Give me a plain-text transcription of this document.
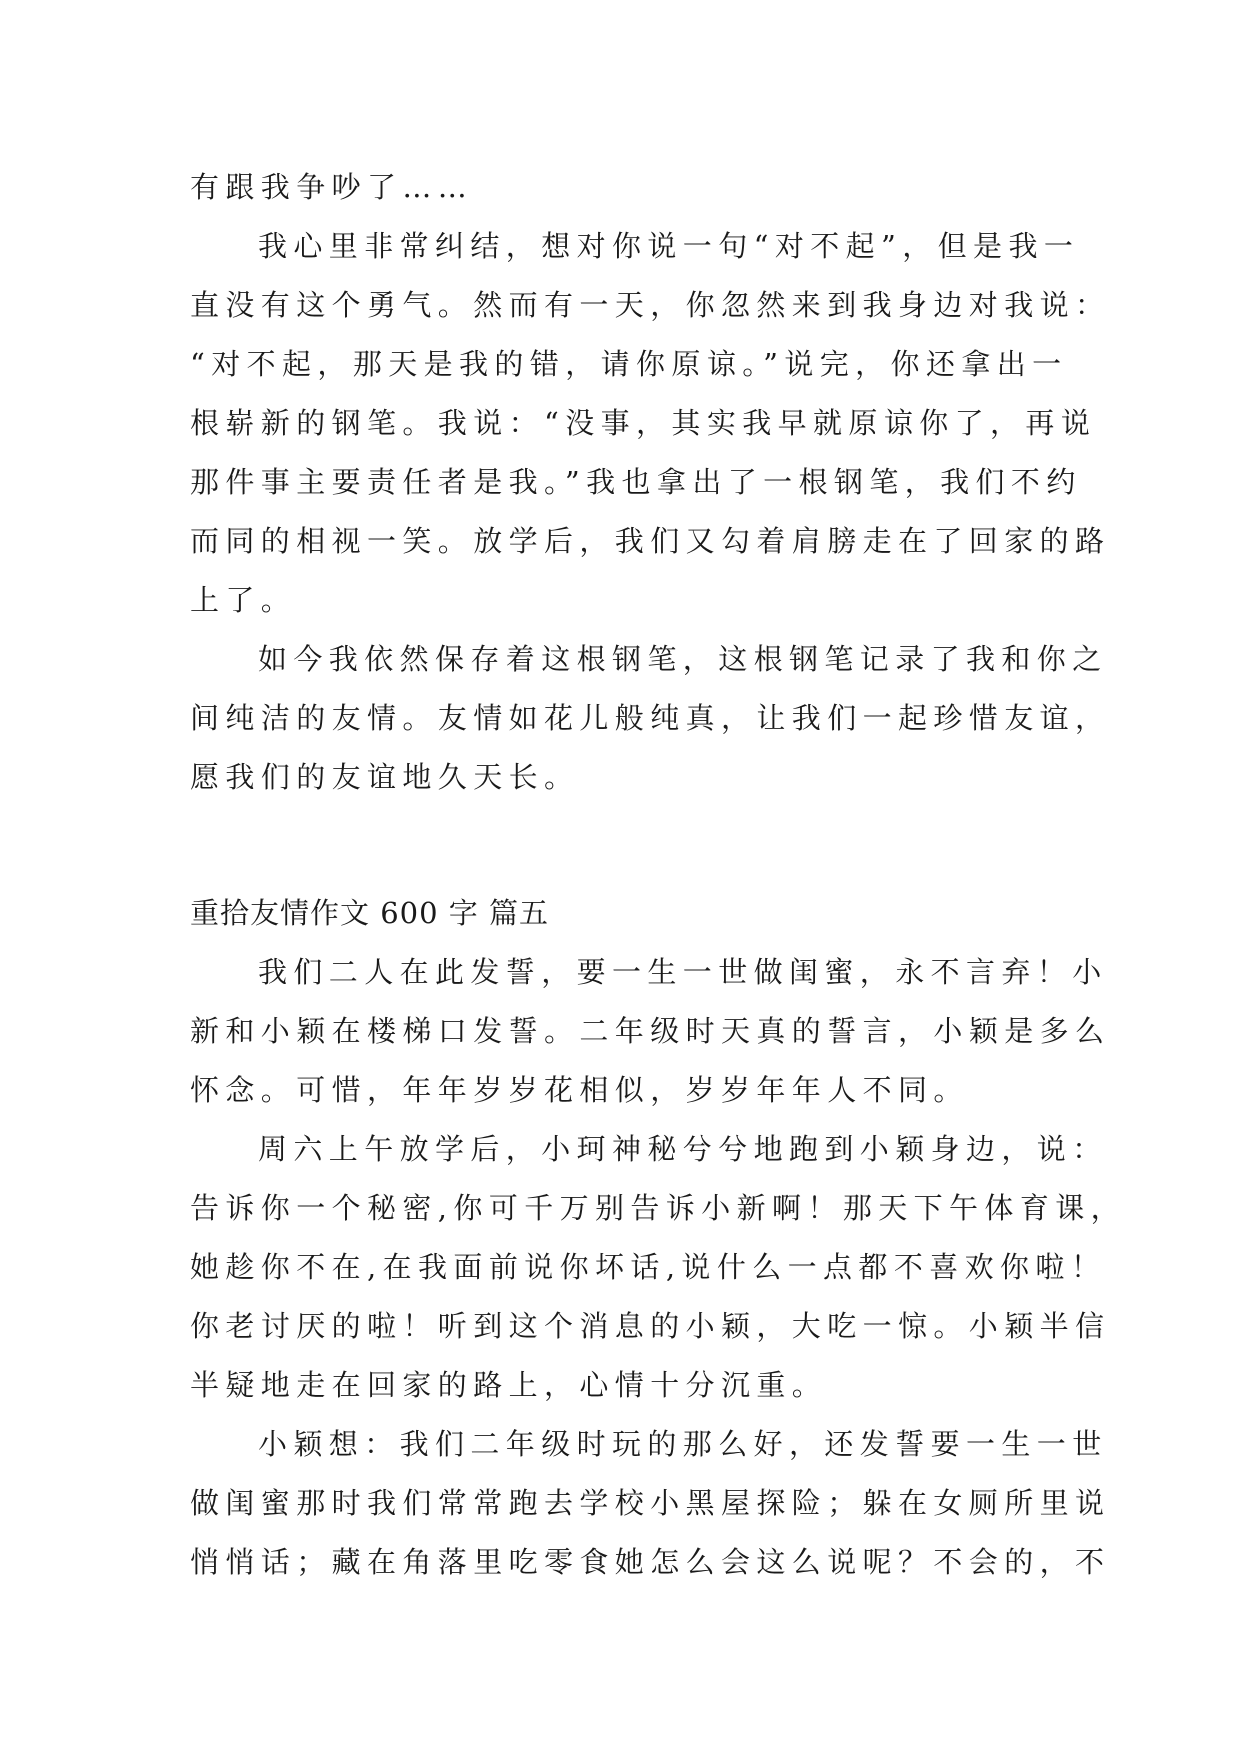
有跟我争吵了……
我心里非常纠结，想对你说一句“对不起”，但是我一
直没有这个勇气。然而有一天，你忽然来到我身边对我说：
“对不起，那天是我的错，请你原谅。”说完，你还拿出一
根崭新的钢笔。我说：“没事，其实我早就原谅你了，再说
那件事主要责任者是我。”我也拿出了一根钢笔，我们不约
而同的相视一笑。放学后，我们又勾着肩膀走在了回家的路
上了。
如今我依然保存着这根钢笔，这根钢笔记录了我和你之
间纯洁的友情。友情如花儿般纯真，让我们一起珍惜友谊，
愿我们的友谊地久天长。
重拾友情作文 600 字 篇五
我们二人在此发誓，要一生一世做闺蜜，永不言弃！小
新和小颖在楼梯口发誓。二年级时天真的誓言，小颖是多么
怀念。可惜，年年岁岁花相似，岁岁年年人不同。
周六上午放学后，小珂神秘兮兮地跑到小颖身边，说：
告诉你一个秘密,你可千万别告诉小新啊！那天下午体育课，
她趁你不在,在我面前说你坏话,说什么一点都不喜欢你啦！
你老讨厌的啦！听到这个消息的小颖，大吃一惊。小颖半信
半疑地走在回家的路上，心情十分沉重。
小颖想：我们二年级时玩的那么好，还发誓要一生一世
做闺蜜那时我们常常跑去学校小黑屋探险；躲在女厕所里说
悄悄话；藏在角落里吃零食她怎么会这么说呢？不会的，不
